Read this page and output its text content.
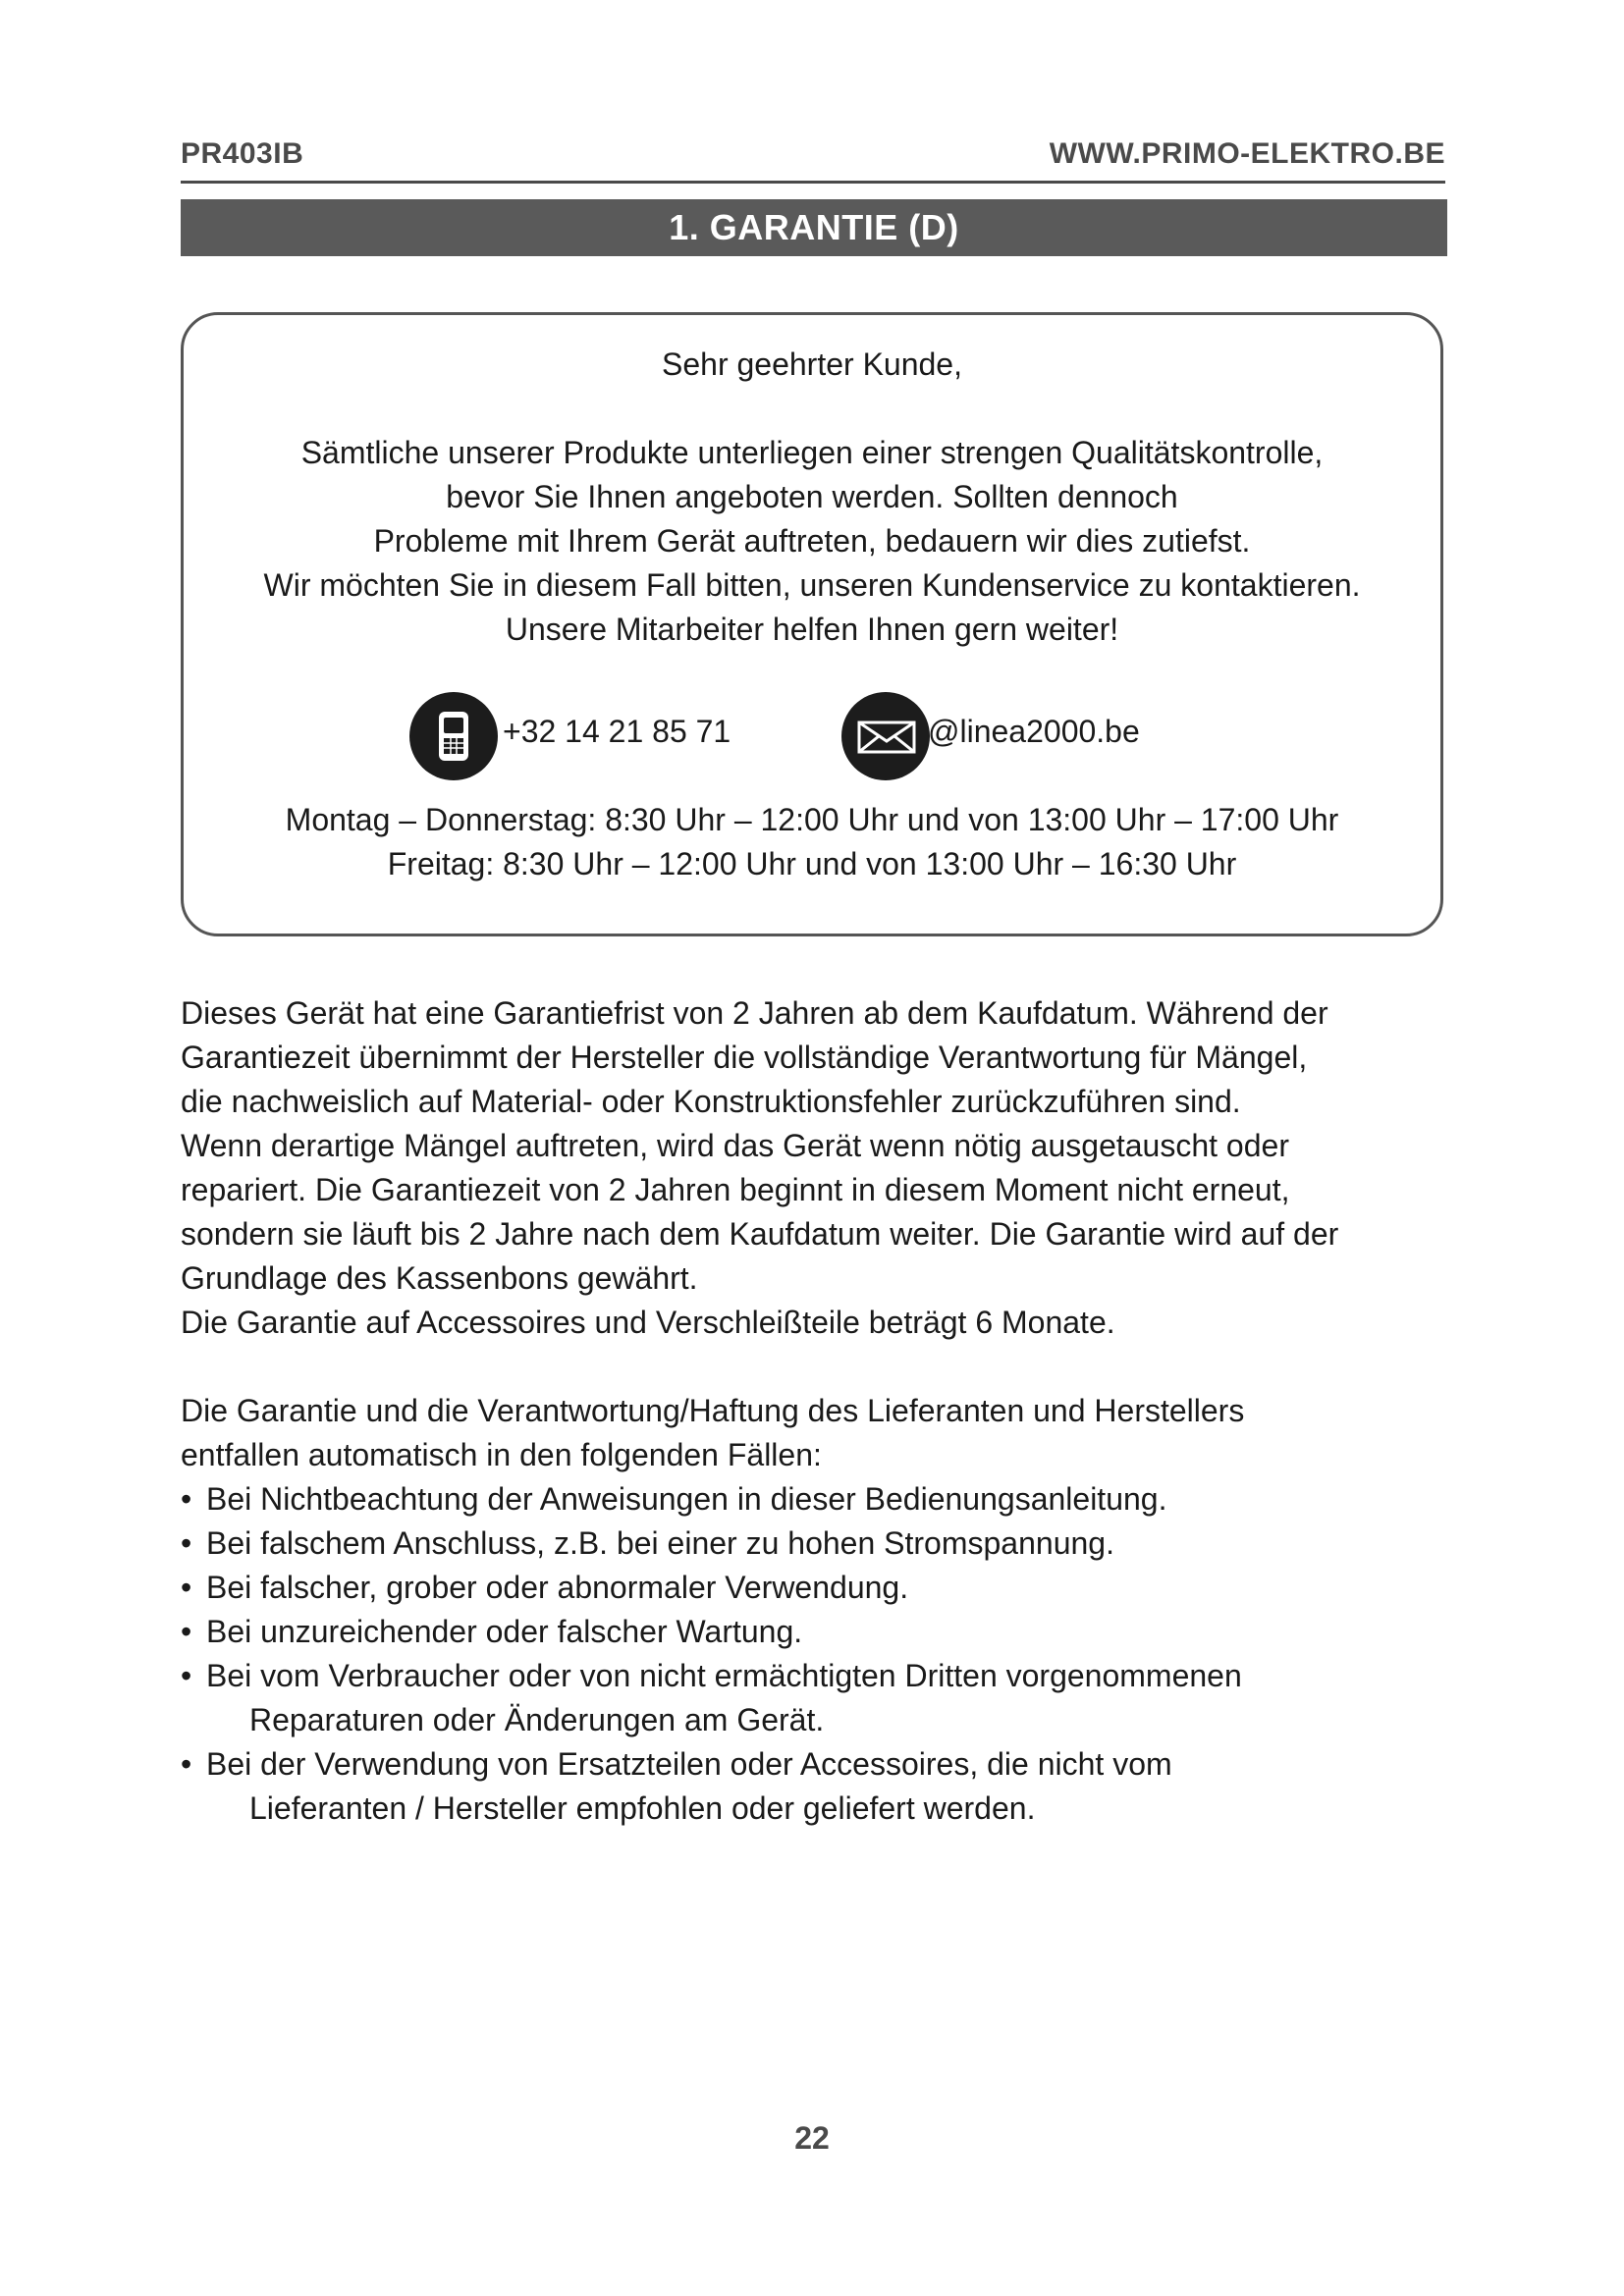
PR403IB	WWW.PRIMO-ELEKTRO.BE
1. GARANTIE (D)
Sehr geehrter Kunde,
Sämtliche unserer Produkte unterliegen einer strengen Qualitätskontrolle,
bevor Sie Ihnen angeboten werden. Sollten dennoch
Probleme mit Ihrem Gerät auftreten, bedauern wir dies zutiefst.
Wir möchten Sie in diesem Fall bitten, unseren Kundenservice zu kontaktieren.
Unsere Mitarbeiter helfen Ihnen gern weiter!
+32 14 21 85 71	@linea2000.be
Montag – Donnerstag: 8:30 Uhr – 12:00 Uhr und von 13:00 Uhr – 17:00 Uhr
Freitag: 8:30 Uhr – 12:00 Uhr und von 13:00 Uhr – 16:30 Uhr
Dieses Gerät hat eine Garantiefrist von 2 Jahren ab dem Kaufdatum. Während der
Garantiezeit übernimmt der Hersteller die vollständige Verantwortung für Mängel,
die nachweislich auf Material- oder Konstruktionsfehler zurückzuführen sind.
Wenn derartige Mängel auftreten, wird das Gerät wenn nötig ausgetauscht oder
repariert. Die Garantiezeit von 2 Jahren beginnt in diesem Moment nicht erneut,
sondern sie läuft bis 2 Jahre nach dem Kaufdatum weiter. Die Garantie wird auf der
Grundlage des Kassenbons gewährt.
Die Garantie auf Accessoires und Verschleißteile beträgt 6 Monate.
Die Garantie und die Verantwortung/Haftung des Lieferanten und Herstellers
entfallen automatisch in den folgenden Fällen:
• Bei Nichtbeachtung der Anweisungen in dieser Bedienungsanleitung.
• Bei falschem Anschluss, z.B. bei einer zu hohen Stromspannung.
• Bei falscher, grober oder abnormaler Verwendung.
• Bei unzureichender oder falscher Wartung.
• Bei vom Verbraucher oder von nicht ermächtigten Dritten vorgenommenen
Reparaturen oder Änderungen am Gerät.
• Bei der Verwendung von Ersatzteilen oder Accessoires, die nicht vom
Lieferanten / Hersteller empfohlen oder geliefert werden.
22
